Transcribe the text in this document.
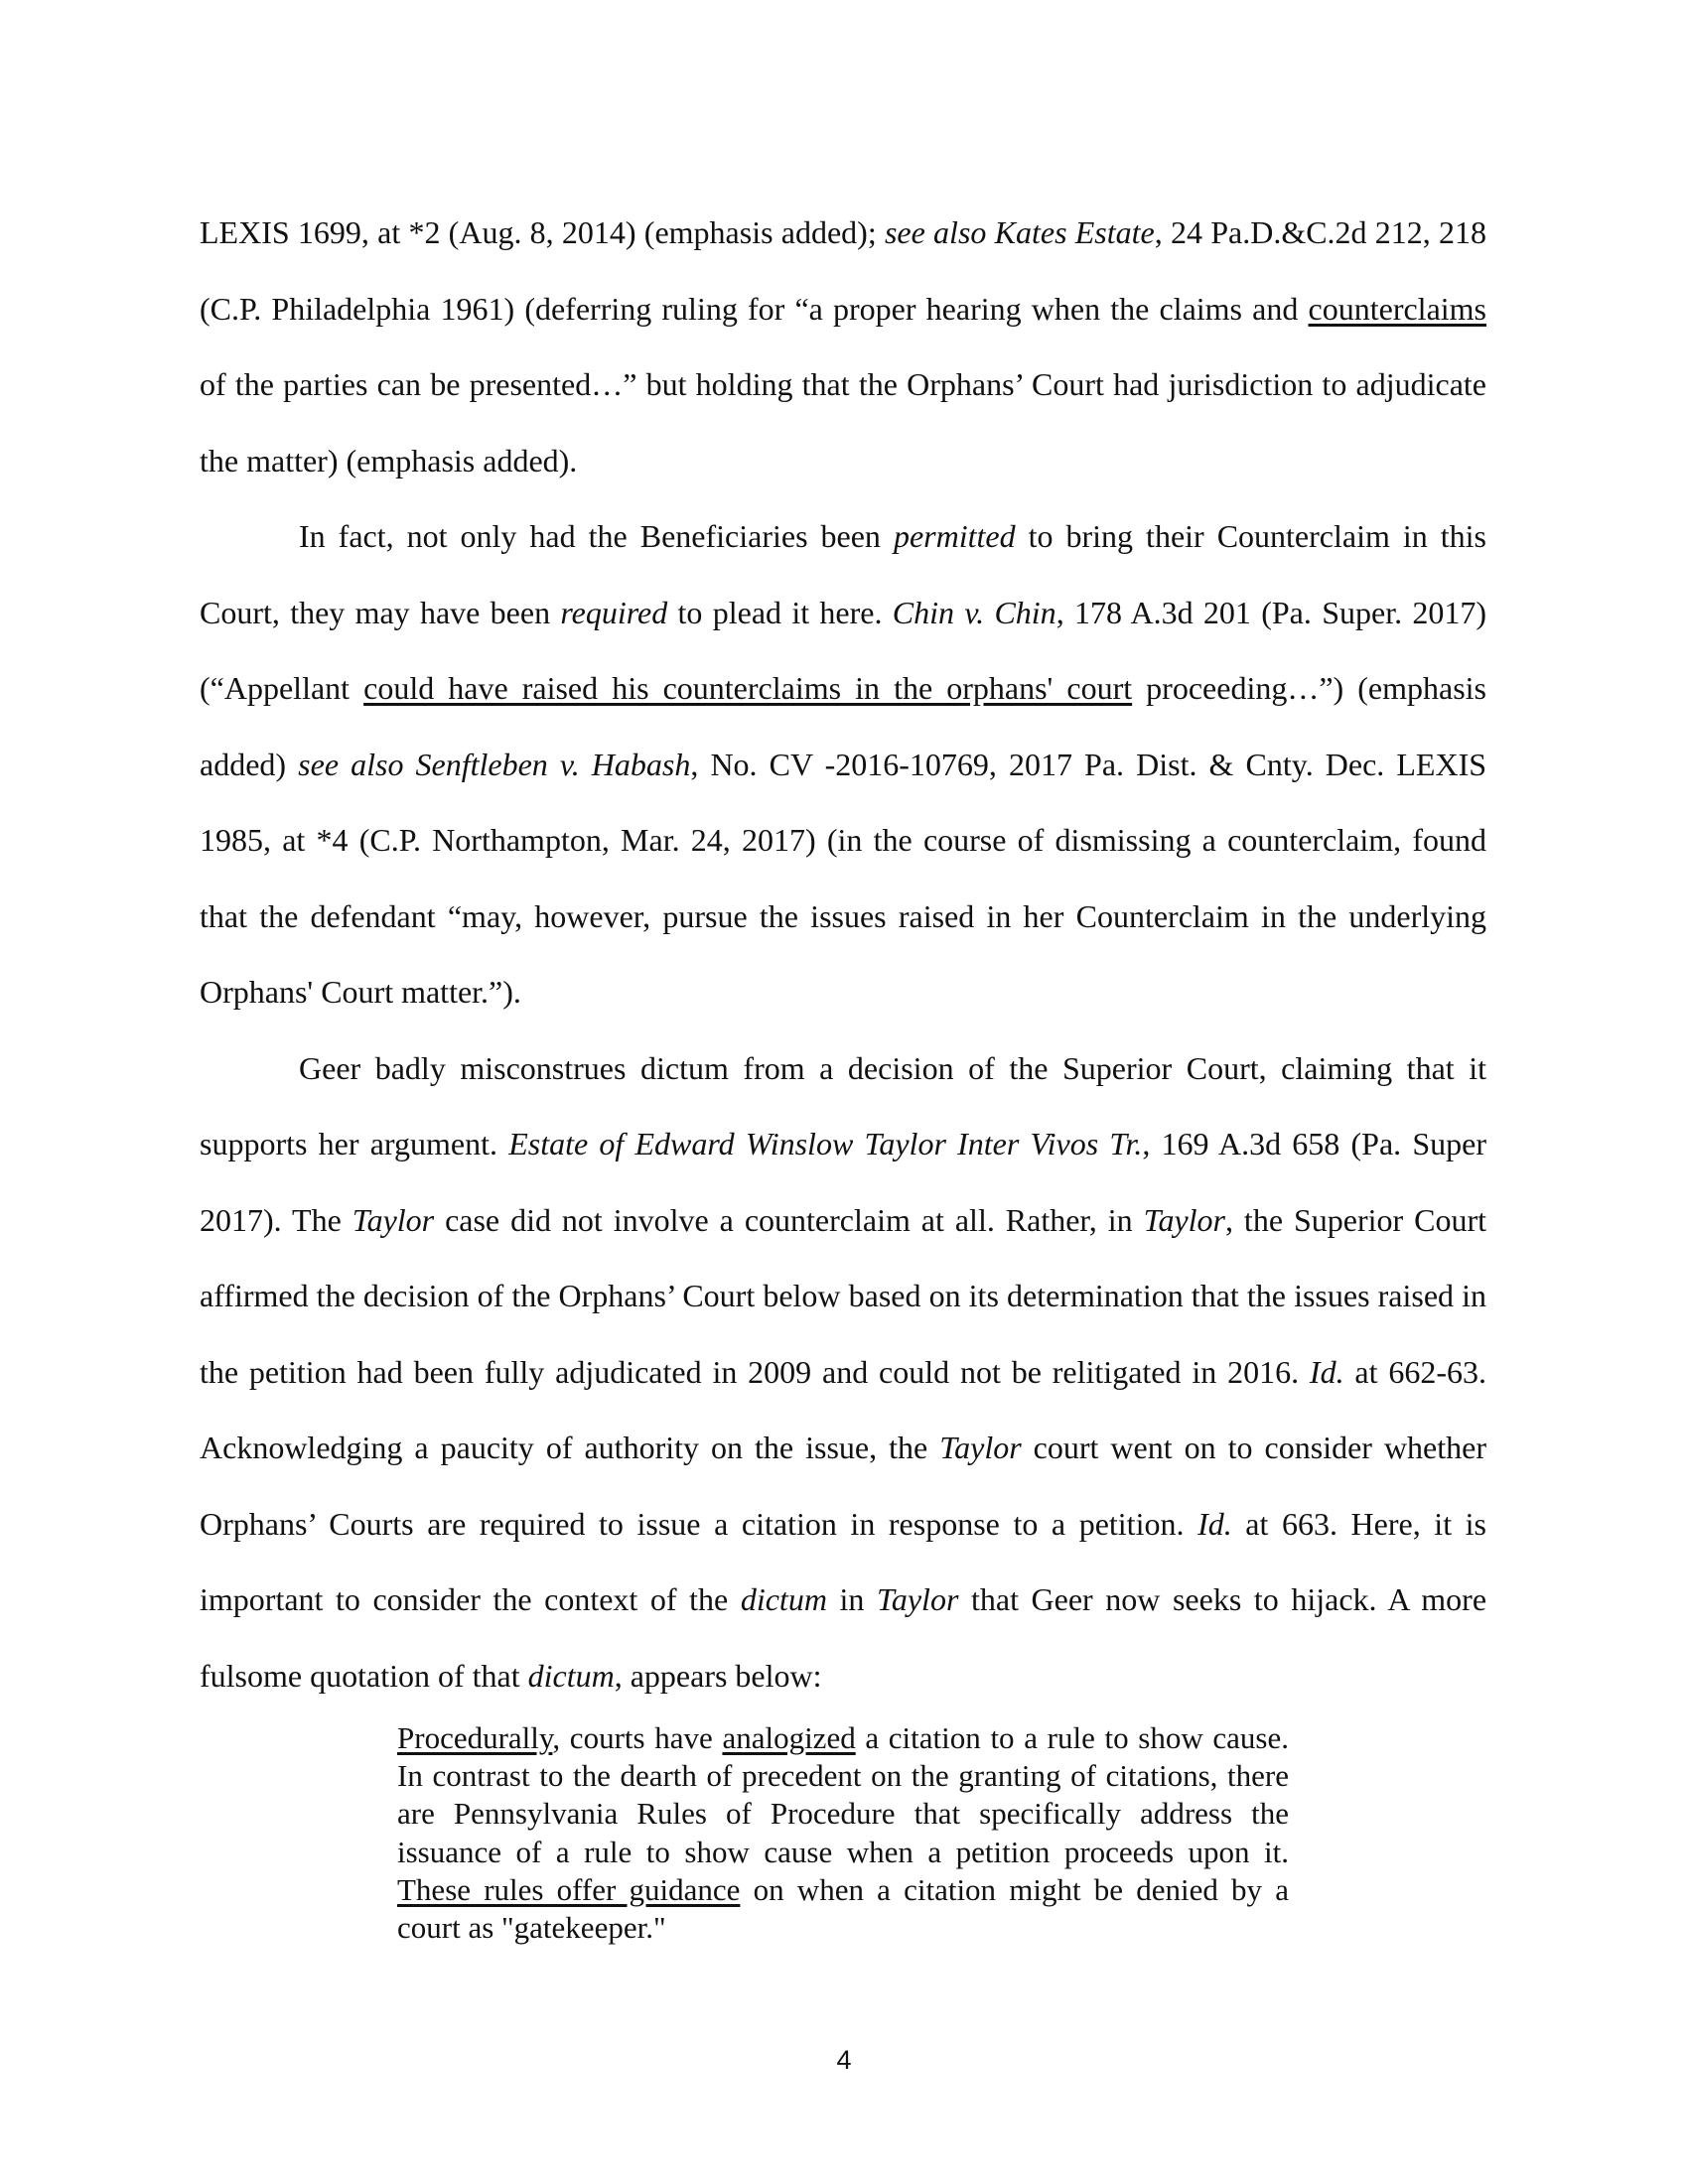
LEXIS 1699, at *2 (Aug. 8, 2014) (emphasis added); see also Kates Estate, 24 Pa.D.&C.2d 212, 218 (C.P. Philadelphia 1961) (deferring ruling for “a proper hearing when the claims and counterclaims of the parties can be presented…” but holding that the Orphans’ Court had jurisdiction to adjudicate the matter) (emphasis added).

In fact, not only had the Beneficiaries been permitted to bring their Counterclaim in this Court, they may have been required to plead it here. Chin v. Chin, 178 A.3d 201 (Pa. Super. 2017) (“Appellant could have raised his counterclaims in the orphans' court proceeding…”) (emphasis added) see also Senftleben v. Habash, No. CV -2016-10769, 2017 Pa. Dist. & Cnty. Dec. LEXIS 1985, at *4 (C.P. Northampton, Mar. 24, 2017) (in the course of dismissing a counterclaim, found that the defendant “may, however, pursue the issues raised in her Counterclaim in the underlying Orphans' Court matter.”).

Geer badly misconstrues dictum from a decision of the Superior Court, claiming that it supports her argument. Estate of Edward Winslow Taylor Inter Vivos Tr., 169 A.3d 658 (Pa. Super 2017). The Taylor case did not involve a counterclaim at all. Rather, in Taylor, the Superior Court affirmed the decision of the Orphans’ Court below based on its determination that the issues raised in the petition had been fully adjudicated in 2009 and could not be relitigated in 2016. Id. at 662-63. Acknowledging a paucity of authority on the issue, the Taylor court went on to consider whether Orphans’ Courts are required to issue a citation in response to a petition. Id. at 663. Here, it is important to consider the context of the dictum in Taylor that Geer now seeks to hijack. A more fulsome quotation of that dictum, appears below:

Procedurally, courts have analogized a citation to a rule to show cause. In contrast to the dearth of precedent on the granting of citations, there are Pennsylvania Rules of Procedure that specifically address the issuance of a rule to show cause when a petition proceeds upon it. These rules offer guidance on when a citation might be denied by a court as "gatekeeper."
4
